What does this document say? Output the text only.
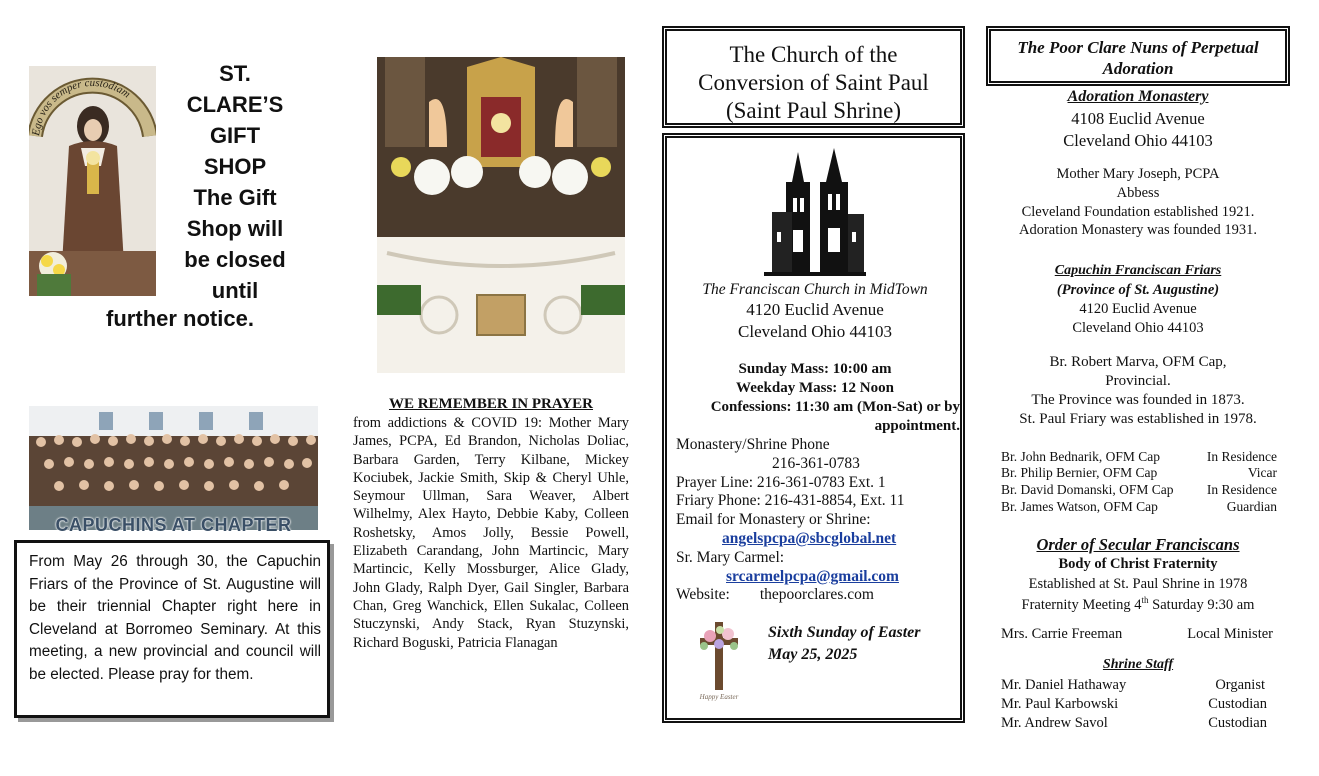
Ego vos semper custodiam
ST.
CLARE’S
GIFT
SHOP
The Gift
Shop will
be closed
until
further notice.
CAPUCHINS AT CHAPTER

From May 26 through 30, the Capuchin Friars of the Province of St. Augustine will be their triennial Chapter right here in Cleveland at Borromeo Seminary. At this meeting, a new provincial and council will be elected. Please pray for them.

WE REMEMBER IN PRAYER

from addictions & COVID 19: Mother Mary James, PCPA, Ed Brandon, Nicholas Doliac, Barbara Garden, Terry Kilbane, Mickey Kociubek, Jackie Smith, Skip & Cheryl Uhle, Seymour Ullman, Sara Weaver, Albert Wilhelmy, Alex Hayto, Debbie Kaby, Colleen Roshetsky, Amos Jolly, Bessie Powell, Elizabeth Carandang, John Martincic, Mary Martincic, Kelly Mossburger, Alice Glady, John Glady, Ralph Dyer, Gail Singler, Barbara Chan, Greg Wanchick, Ellen Sukalac, Colleen Stuczynski, Andy Stack, Ryan Stuzynski, Richard Boguski, Patricia Flanagan

The Church of the
Conversion of Saint Paul
(Saint Paul Shrine)
The Franciscan Church in MidTown
4120 Euclid Avenue
Cleveland Ohio 44103
Sunday Mass: 10:00 am
Weekday Mass: 12 Noon
Confessions: 11:30 am (Mon-Sat) or by appointment.
Monastery/Shrine Phone
216-361-0783
Prayer Line: 216-361-0783 Ext. 1
Friary Phone: 216-431-8854, Ext. 11
Email for Monastery or Shrine:
angelspcpa@sbcglobal.net
Sr. Mary Carmel:
srcarmelpcpa@gmail.com
Website: thepoorclares.com
Happy Easter
Sixth Sunday of Easter
May 25, 2025
The Poor Clare Nuns of Perpetual
Adoration
Adoration Monastery
4108 Euclid Avenue
Cleveland Ohio 44103
Mother Mary Joseph, PCPA
Abbess
Cleveland Foundation established 1921.
Adoration Monastery was founded 1931.
Capuchin Franciscan Friars
(Province of St. Augustine)
4120 Euclid Avenue
Cleveland Ohio 44103
Br. Robert Marva, OFM Cap,
Provincial.
The Province was founded in 1873.
St. Paul Friary was established in 1978.
Br. John Bednarik, OFM Cap	In Residence
Br. Philip Bernier, OFM Cap	Vicar
Br. David Domanski, OFM Cap In Residence
Br. James Watson, OFM Cap	Guardian
Order of Secular Franciscans
Body of Christ Fraternity
Established at St. Paul Shrine in 1978
Fraternity Meeting 4th Saturday 9:30 am
Mrs. Carrie Freeman	Local Minister
Shrine Staff
Mr. Daniel Hathaway	Organist
Mr. Paul Karbowski	Custodian
Mr. Andrew Savol	Custodian
